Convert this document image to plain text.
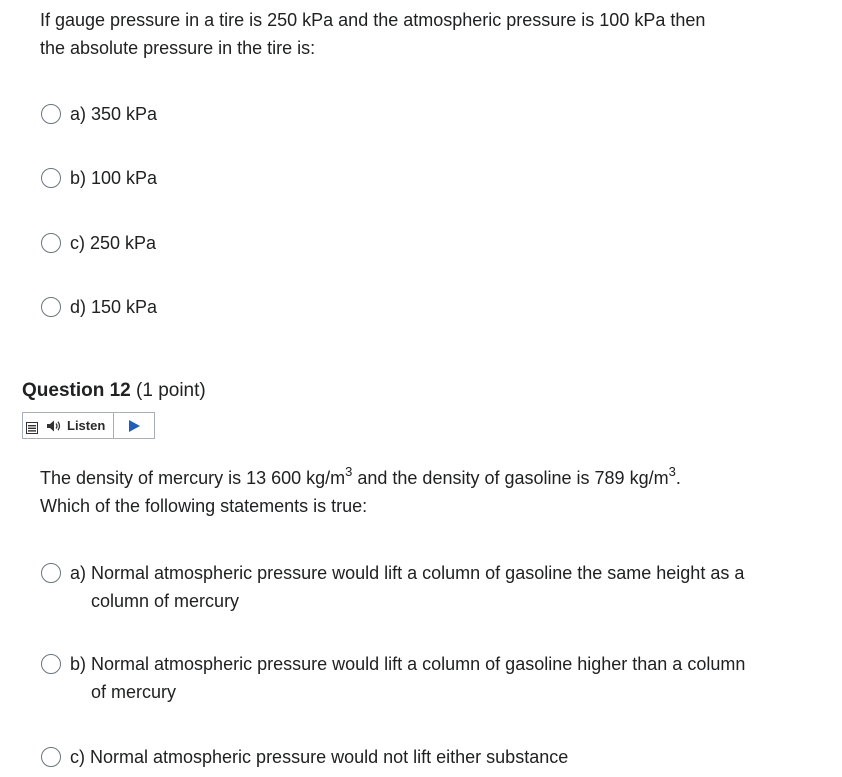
If gauge pressure in a tire is 250 kPa and the atmospheric pressure is 100 kPa then
the absolute pressure in the tire is:
a) 350 kPa
b) 100 kPa
c) 250 kPa
d) 150 kPa
Question 12 (1 point)
Listen
The density of mercury is 13 600 $kg/m^3$ and the density of gasoline is 789 $kg/m^3$.
Which of the following statements is true:
a) Normal atmospheric pressure would lift a column of gasoline the same height as a column of mercury
b) Normal atmospheric pressure would lift a column of gasoline higher than a column of mercury
c) Normal atmospheric pressure would not lift either substance
